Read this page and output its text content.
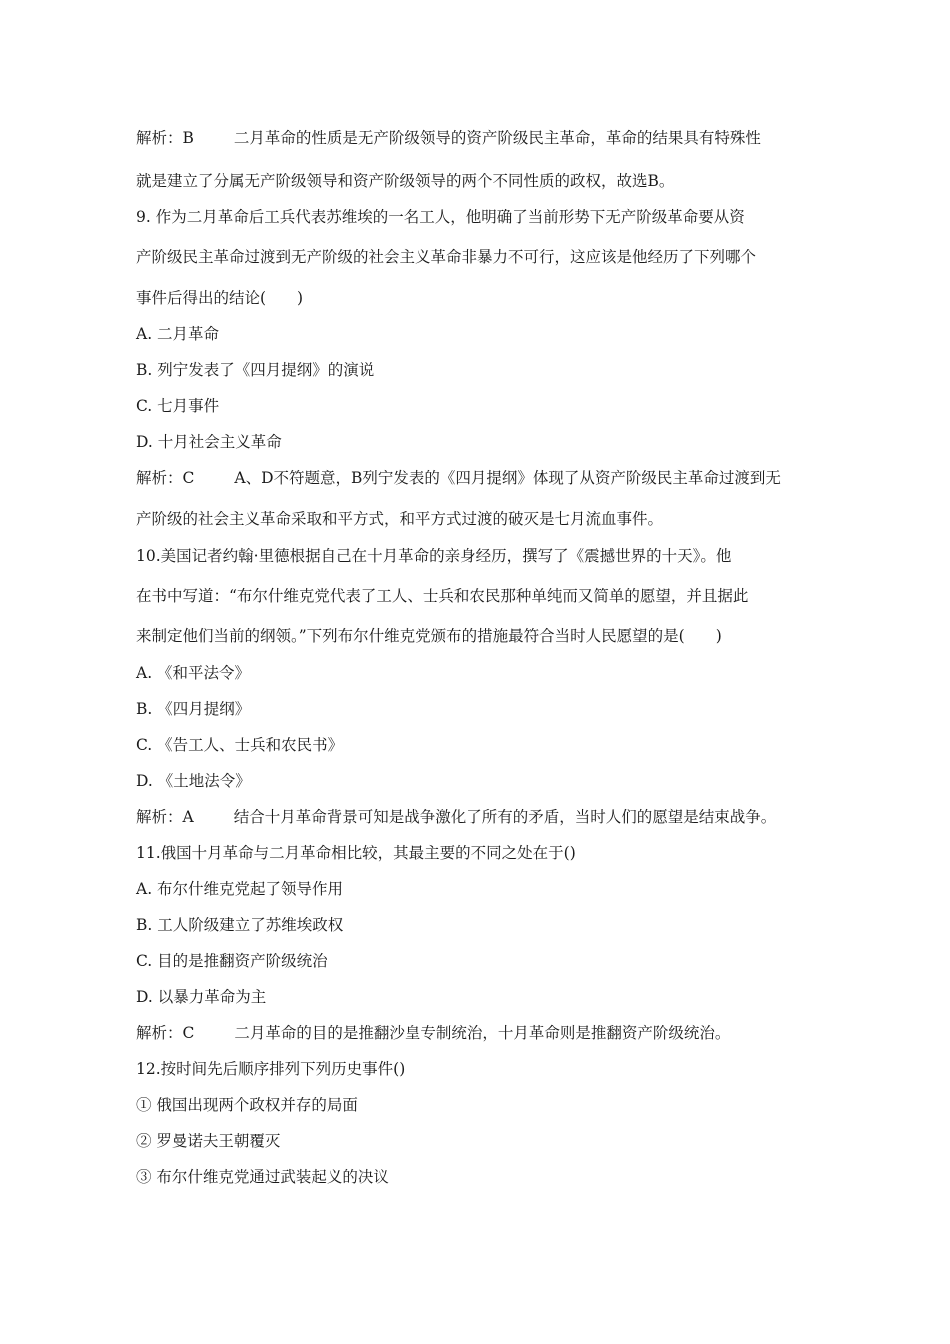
解析：B	二月革命的性质是无产阶级领导的资产阶级民主革命，革命的结果具有特殊性
就是建立了分属无产阶级领导和资产阶级领导的两个不同性质的政权，故选B。
9. 作为二月革命后工兵代表苏维埃的一名工人，他明确了当前形势下无产阶级革命要从资
产阶级民主革命过渡到无产阶级的社会主义革命非暴力不可行，这应该是他经历了下列哪个
事件后得出的结论(　　)
A. 二月革命
B. 列宁发表了《四月提纲》的演说
C. 七月事件
D. 十月社会主义革命
解析：C	A、D不符题意，B列宁发表的《四月提纲》体现了从资产阶级民主革命过渡到无
产阶级的社会主义革命采取和平方式，和平方式过渡的破灭是七月流血事件。
10.美国记者约翰·里德根据自己在十月革命的亲身经历，撰写了《震撼世界的十天》。他
在书中写道：“布尔什维克党代表了工人、士兵和农民那种单纯而又简单的愿望，并且据此
来制定他们当前的纲领。”下列布尔什维克党颁布的措施最符合当时人民愿望的是(　　)
A. 《和平法令》
B. 《四月提纲》
C. 《告工人、士兵和农民书》
D. 《土地法令》
解析：A	结合十月革命背景可知是战争激化了所有的矛盾，当时人们的愿望是结束战争。
11.俄国十月革命与二月革命相比较，其最主要的不同之处在于()
A. 布尔什维克党起了领导作用
B. 工人阶级建立了苏维埃政权
C. 目的是推翻资产阶级统治
D. 以暴力革命为主
解析：C	二月革命的目的是推翻沙皇专制统治，十月革命则是推翻资产阶级统治。
12.按时间先后顺序排列下列历史事件()
① 俄国出现两个政权并存的局面
② 罗曼诺夫王朝覆灭
③ 布尔什维克党通过武装起义的决议
